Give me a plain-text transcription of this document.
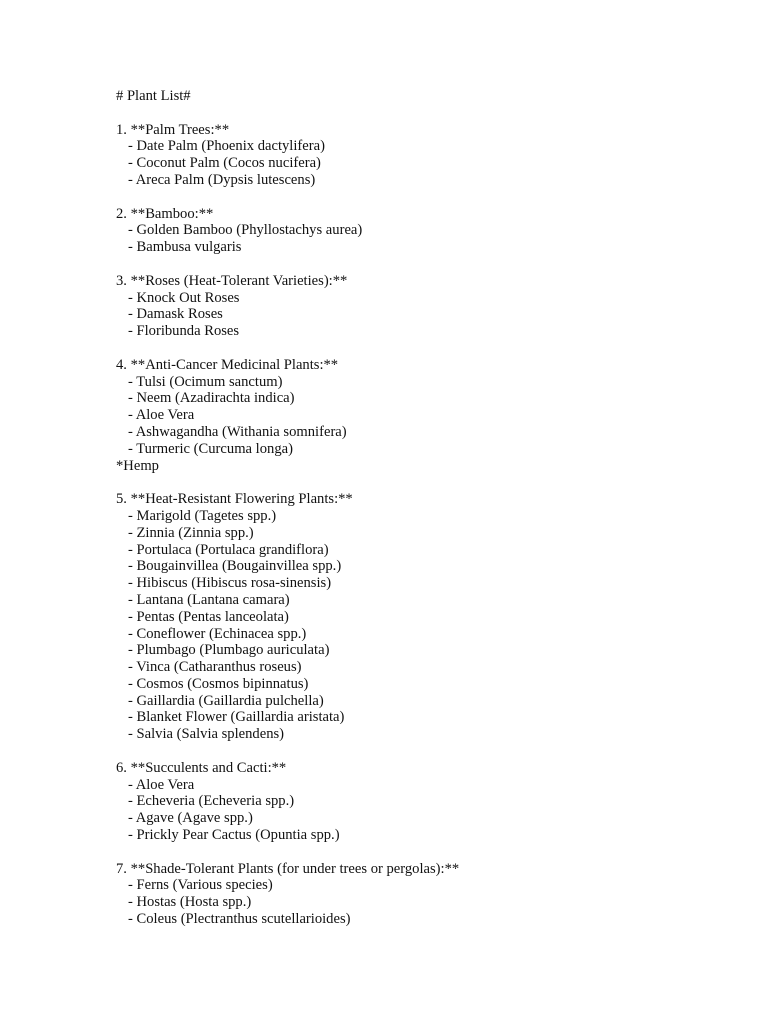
# Plant List#
1. **Palm Trees:**
- Date Palm (Phoenix dactylifera)
- Coconut Palm (Cocos nucifera)
- Areca Palm (Dypsis lutescens)
2. **Bamboo:**
- Golden Bamboo (Phyllostachys aurea)
- Bambusa vulgaris
3. **Roses (Heat-Tolerant Varieties):**
- Knock Out Roses
- Damask Roses
- Floribunda Roses
4. **Anti-Cancer Medicinal Plants:**
- Tulsi (Ocimum sanctum)
- Neem (Azadirachta indica)
- Aloe Vera
- Ashwagandha (Withania somnifera)
- Turmeric (Curcuma longa)
*Hemp
5. **Heat-Resistant Flowering Plants:**
- Marigold (Tagetes spp.)
- Zinnia (Zinnia spp.)
- Portulaca (Portulaca grandiflora)
- Bougainvillea (Bougainvillea spp.)
- Hibiscus (Hibiscus rosa-sinensis)
- Lantana (Lantana camara)
- Pentas (Pentas lanceolata)
- Coneflower (Echinacea spp.)
- Plumbago (Plumbago auriculata)
- Vinca (Catharanthus roseus)
- Cosmos (Cosmos bipinnatus)
- Gaillardia (Gaillardia pulchella)
- Blanket Flower (Gaillardia aristata)
- Salvia (Salvia splendens)
6. **Succulents and Cacti:**
- Aloe Vera
- Echeveria (Echeveria spp.)
- Agave (Agave spp.)
- Prickly Pear Cactus (Opuntia spp.)
7. **Shade-Tolerant Plants (for under trees or pergolas):**
- Ferns (Various species)
- Hostas (Hosta spp.)
- Coleus (Plectranthus scutellarioides)
